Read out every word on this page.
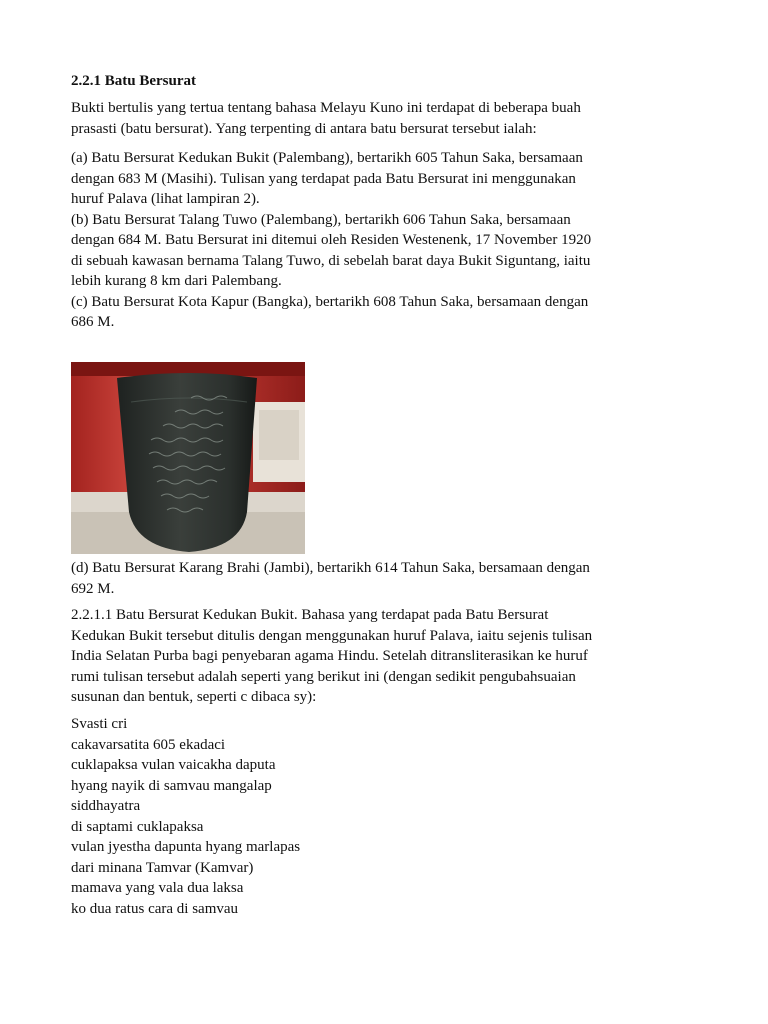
2.2.1 Batu Bersurat
Bukti bertulis yang tertua tentang bahasa Melayu Kuno ini terdapat di beberapa buah
prasasti (batu bersurat). Yang terpenting di antara batu bersurat tersebut ialah:
(a) Batu Bersurat Kedukan Bukit (Palembang), bertarikh 605 Tahun Saka, bersamaan
dengan 683 M (Masihi). Tulisan yang terdapat pada Batu Bersurat ini menggunakan
huruf Palava (lihat lampiran 2).
(b) Batu Bersurat Talang Tuwo (Palembang), bertarikh 606 Tahun Saka, bersamaan
dengan 684 M. Batu Bersurat ini ditemui oleh Residen Westenenk, 17 November 1920
di sebuah kawasan bernama Talang Tuwo, di sebelah barat daya Bukit Siguntang, iaitu
lebih kurang 8 km dari Palembang.
(c) Batu Bersurat Kota Kapur (Bangka), bertarikh 608 Tahun Saka, bersamaan dengan
686 M.
(d) Batu Bersurat Karang Brahi (Jambi), bertarikh 614 Tahun Saka, bersamaan dengan
692 M.
2.2.1.1 Batu Bersurat Kedukan Bukit. Bahasa yang terdapat pada Batu Bersurat
Kedukan Bukit tersebut ditulis dengan menggunakan huruf Palava, iaitu sejenis tulisan
India Selatan Purba bagi penyebaran agama Hindu. Setelah ditransliterasikan ke huruf
rumi tulisan tersebut adalah seperti yang berikut ini (dengan sedikit pengubahsuaian
susunan dan bentuk, seperti c dibaca sy):
Svasti cri
cakavarsatita 605 ekadaci
cuklapaksa vulan vaicakha daputa
hyang nayik di samvau mangalap
siddhayatra
di saptami cuklapaksa
vulan jyestha dapunta hyang marlapas
dari minana Tamvar (Kamvar)
mamava yang vala dua laksa
ko dua ratus cara di samvau
